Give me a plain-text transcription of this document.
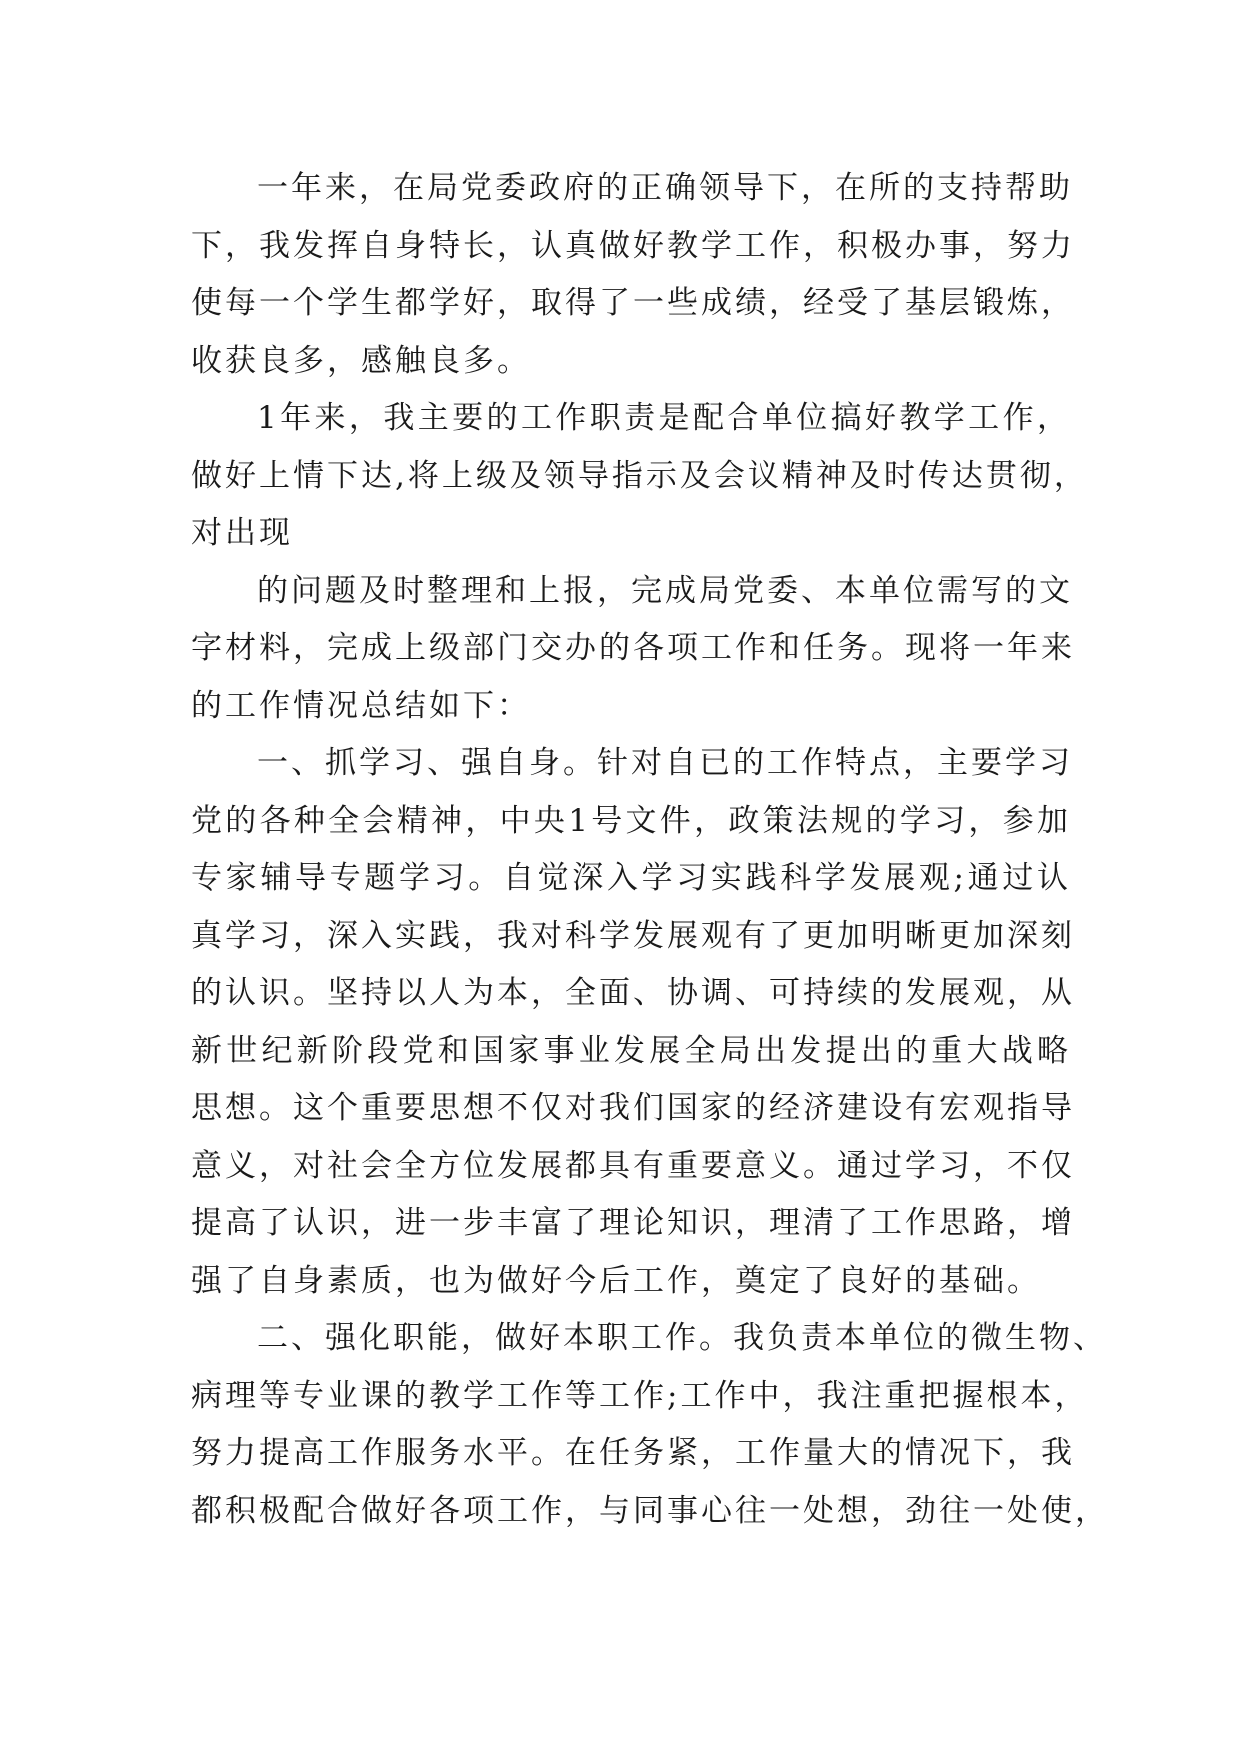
一年来，在局党委政府的正确领导下，在所的支持帮助
下，我发挥自身特长，认真做好教学工作，积极办事，努力
使每一个学生都学好，取得了一些成绩，经受了基层锻炼，
收获良多，感触良多。
1年来，我主要的工作职责是配合单位搞好教学工作，
做好上情下达,将上级及领导指示及会议精神及时传达贯彻，
对出现
的问题及时整理和上报，完成局党委、本单位需写的文
字材料，完成上级部门交办的各项工作和任务。现将一年来
的工作情况总结如下：
一、抓学习、强自身。针对自已的工作特点，主要学习
党的各种全会精神，中央1号文件，政策法规的学习，参加
专家辅导专题学习。自觉深入学习实践科学发展观;通过认
真学习，深入实践，我对科学发展观有了更加明晰更加深刻
的认识。坚持以人为本，全面、协调、可持续的发展观，从
新世纪新阶段党和国家事业发展全局出发提出的重大战略
思想。这个重要思想不仅对我们国家的经济建设有宏观指导
意义，对社会全方位发展都具有重要意义。通过学习，不仅
提高了认识，进一步丰富了理论知识，理清了工作思路，增
强了自身素质，也为做好今后工作，奠定了良好的基础。
二、强化职能，做好本职工作。我负责本单位的微生物、
病理等专业课的教学工作等工作;工作中，我注重把握根本，
努力提高工作服务水平。在任务紧，工作量大的情况下，我
都积极配合做好各项工作，与同事心往一处想，劲往一处使，
